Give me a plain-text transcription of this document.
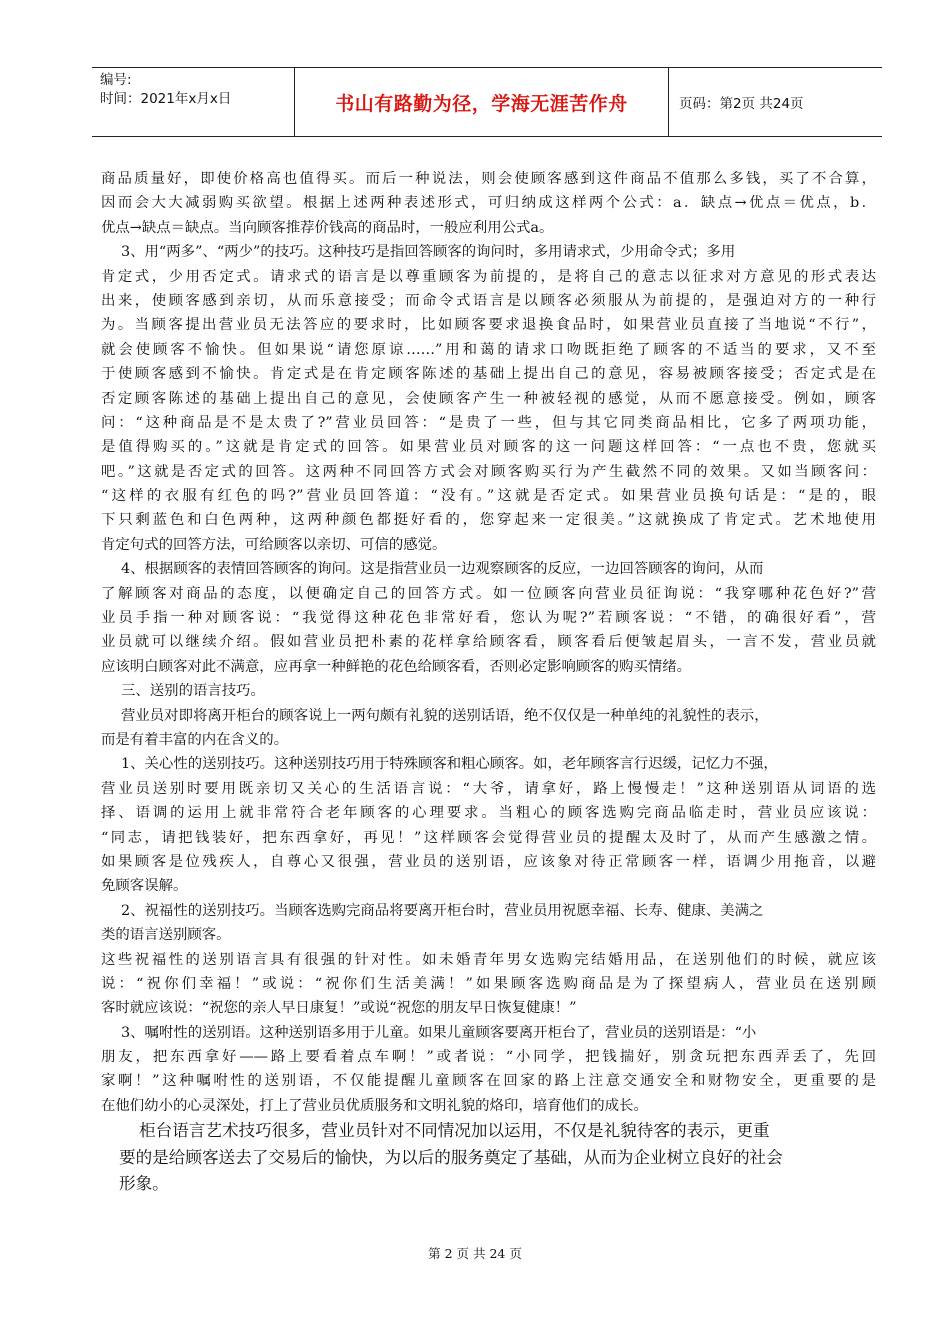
编号:
时间：2021年x月x日	书山有路勤为径，学海无涯苦作舟	页码：第2页 共24页
商品质量好，即使价格高也值得买。而后一种说法，则会使顾客感到这件商品不值那么多钱，买了不合算，
因而会大大减弱购买欲望。根据上述两种表述形式，可归纳成这样两个公式：a．缺点→优点＝优点，b．
优点→缺点＝缺点。当向顾客推荐价钱高的商品时，一般应利用公式a。
3、用“两多”、“两少”的技巧。这种技巧是指回答顾客的询问时，多用请求式，少用命令式；多用
肯定式，少用否定式。请求式的语言是以尊重顾客为前提的，是将自己的意志以征求对方意见的形式表达
出来，使顾客感到亲切，从而乐意接受；而命令式语言是以顾客必须服从为前提的，是强迫对方的一种行
为。当顾客提出营业员无法答应的要求时，比如顾客要求退换食品时，如果营业员直接了当地说“不行”，
就会使顾客不愉快。但如果说“请您原谅……”用和蔼的请求口吻既拒绝了顾客的不适当的要求，又不至
于使顾客感到不愉快。肯定式是在肯定顾客陈述的基础上提出自己的意见，容易被顾客接受；否定式是在
否定顾客陈述的基础上提出自己的意见，会使顾客产生一种被轻视的感觉，从而不愿意接受。例如，顾客
问：“这种商品是不是太贵了?”营业员回答：“是贵了一些，但与其它同类商品相比，它多了两项功能，
是值得购买的。”这就是肯定式的回答。如果营业员对顾客的这一问题这样回答：“一点也不贵，您就买
吧。”这就是否定式的回答。这两种不同回答方式会对顾客购买行为产生截然不同的效果。又如当顾客问：
“这样的衣服有红色的吗?”营业员回答道：“没有。”这就是否定式。如果营业员换句话是：“是的，眼
下只剩蓝色和白色两种，这两种颜色都挺好看的，您穿起来一定很美。”这就换成了肯定式。艺术地使用
肯定句式的回答方法，可给顾客以亲切、可信的感觉。
4、根据顾客的表情回答顾客的询问。这是指营业员一边观察顾客的反应，一边回答顾客的询问，从而
了解顾客对商品的态度，以便确定自己的回答方式。如一位顾客向营业员征询说：“我穿哪种花色好?”营
业员手指一种对顾客说：“我觉得这种花色非常好看，您认为呢?”若顾客说：“不错，的确很好看”，营
业员就可以继续介绍。假如营业员把朴素的花样拿给顾客看，顾客看后便皱起眉头，一言不发，营业员就
应该明白顾客对此不满意，应再拿一种鲜艳的花色给顾客看，否则必定影响顾客的购买情绪。
三、送别的语言技巧。
营业员对即将离开柜台的顾客说上一两句颇有礼貌的送别话语，绝不仅仅是一种单纯的礼貌性的表示，
而是有着丰富的内在含义的。
1、关心性的送别技巧。这种送别技巧用于特殊顾客和粗心顾客。如，老年顾客言行迟缓，记忆力不强，
营业员送别时要用既亲切又关心的生活语言说：“大爷，请拿好，路上慢慢走！”这种送别语从词语的选
择、语调的运用上就非常符合老年顾客的心理要求。当粗心的顾客选购完商品临走时，营业员应该说：
“同志，请把钱装好，把东西拿好，再见！”这样顾客会觉得营业员的提醒太及时了，从而产生感激之情。
如果顾客是位残疾人，自尊心又很强，营业员的送别语，应该象对待正常顾客一样，语调少用拖音，以避
免顾客误解。
2、祝福性的送别技巧。当顾客选购完商品将要离开柜台时，营业员用祝愿幸福、长寿、健康、美满之
类的语言送别顾客。
这些祝福性的送别语言具有很强的针对性。如未婚青年男女选购完结婚用品，在送别他们的时候，就应该
说：“祝你们幸福！”或说：“祝你们生活美满！”如果顾客选购商品是为了探望病人，营业员在送别顾
客时就应该说：“祝您的亲人早日康复！”或说“祝您的朋友早日恢复健康！”
3、嘱咐性的送别语。这种送别语多用于儿童。如果儿童顾客要离开柜台了，营业员的送别语是：“小
朋友，把东西拿好——路上要看着点车啊！”或者说：“小同学，把钱揣好，别贪玩把东西弄丢了，先回
家啊！”这种嘱咐性的送别语，不仅能提醒儿童顾客在回家的路上注意交通安全和财物安全，更重要的是
在他们幼小的心灵深处，打上了营业员优质服务和文明礼貌的烙印，培育他们的成长。
柜台语言艺术技巧很多，营业员针对不同情况加以运用，不仅是礼貌待客的表示，更重
要的是给顾客送去了交易后的愉快，为以后的服务奠定了基础，从而为企业树立良好的社会
形象。
第 2 页 共 24 页
